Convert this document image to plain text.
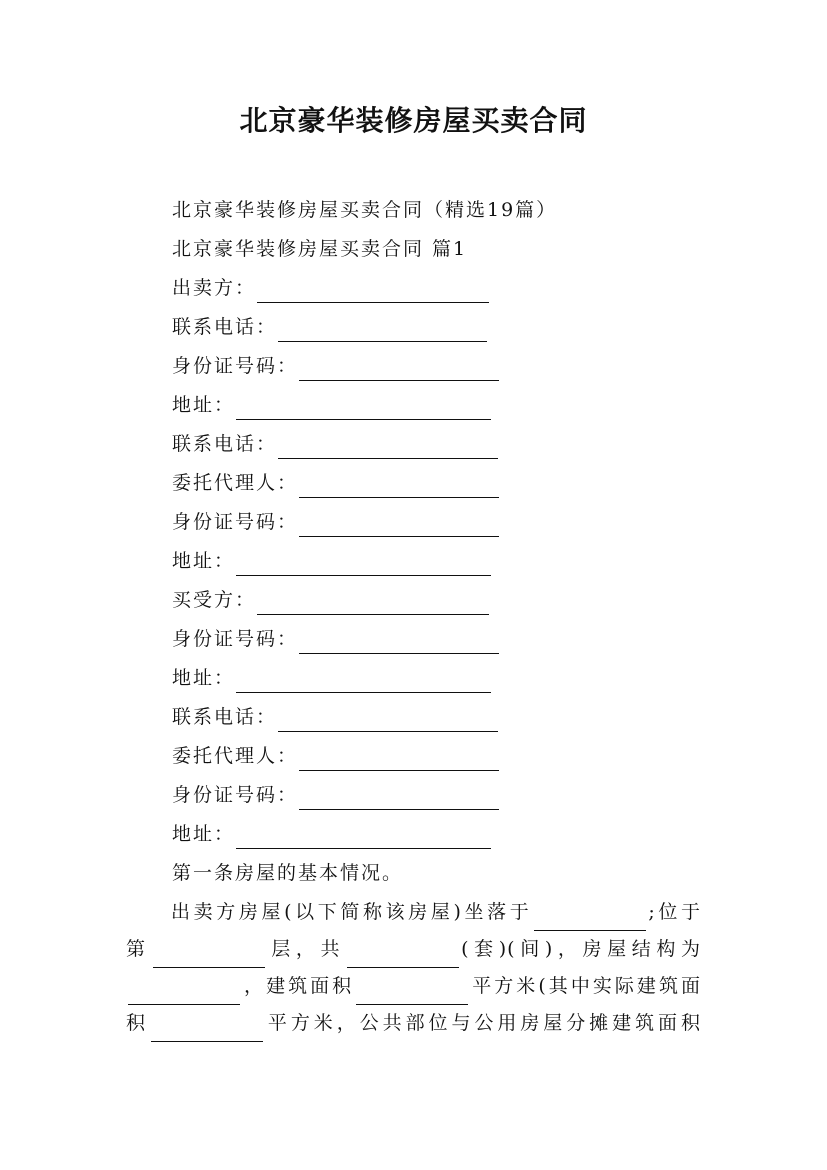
北京豪华装修房屋买卖合同
北京豪华装修房屋买卖合同（精选19篇）
北京豪华装修房屋买卖合同 篇1
出卖方：
联系电话：
身份证号码：
地址：
联系电话：
委托代理人：
身份证号码：
地址：
买受方：
身份证号码：
地址：
联系电话：
委托代理人：
身份证号码：
地址：
第一条房屋的基本情况。
出卖方房屋(以下简称该房屋)坐落于	;位于
第	层，共	(套)(间)，房屋结构为
，建筑面积	平方米(其中实际建筑面
积	平方米，公共部位与公用房屋分摊建筑面积
